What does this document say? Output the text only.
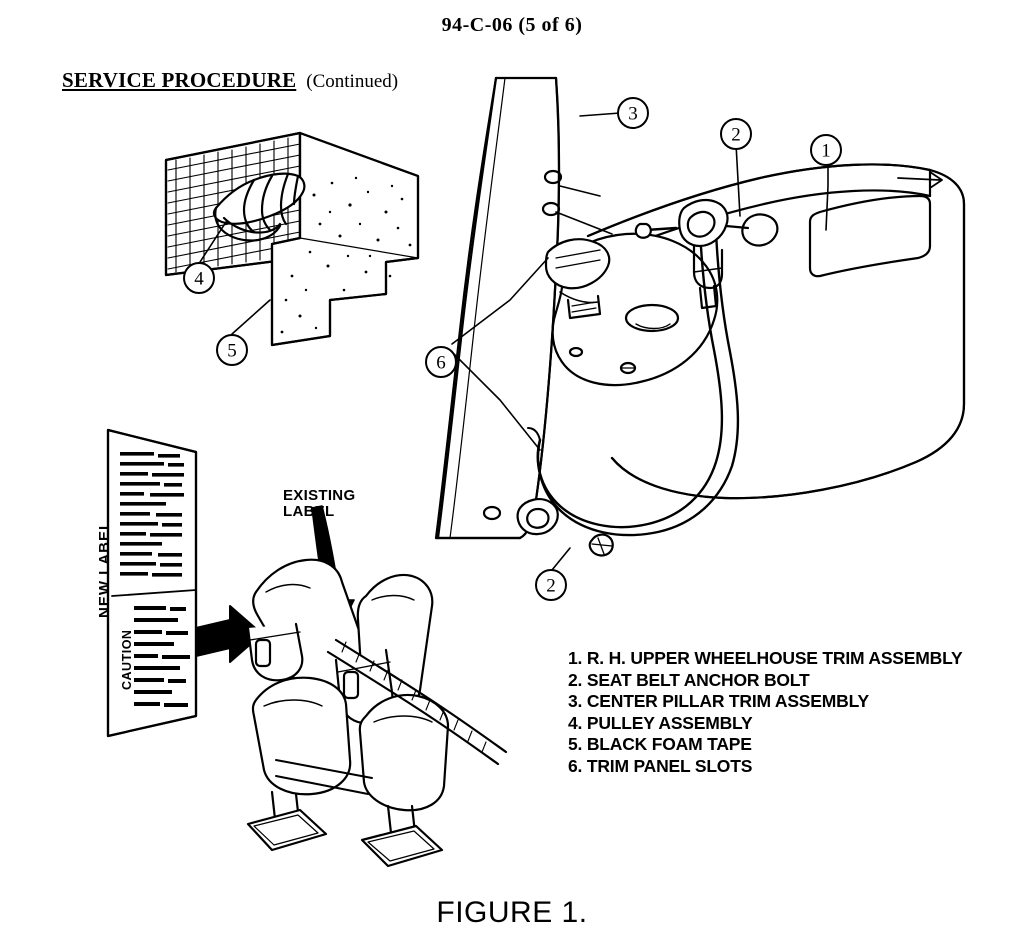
94-C-06 (5 of 6)
SERVICE PROCEDURE (Continued)
1
2
3
4
5
6
2
EXISTING
LABEL
NEW LABEL
CAUTION	1. R. H. UPPER WHEELHOUSE TRIM ASSEMBLY
2. SEAT BELT ANCHOR BOLT
3. CENTER PILLAR TRIM ASSEMBLY
4. PULLEY ASSEMBLY
5. BLACK FOAM TAPE
6. TRIM PANEL SLOTS
FIGURE 1.
